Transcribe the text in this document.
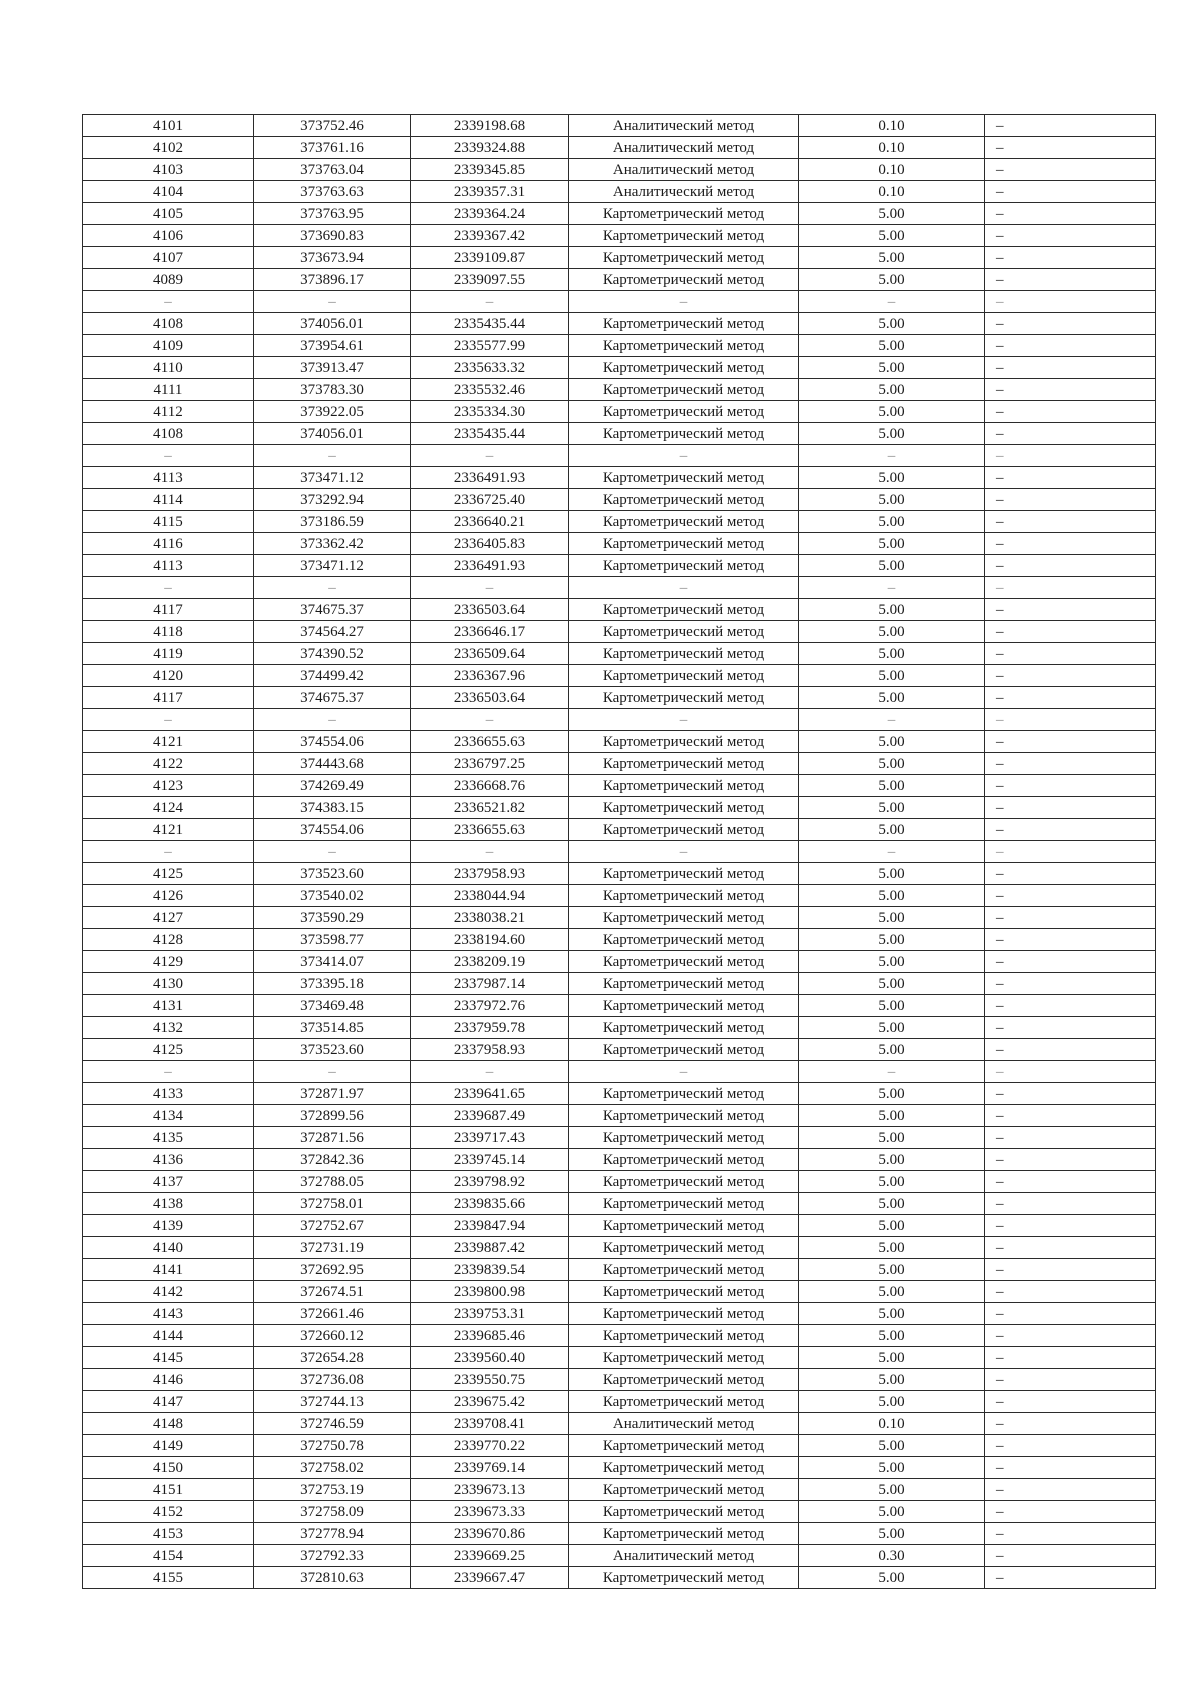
4101	373752.46	2339198.68	Аналитический метод	0.10	–
4102	373761.16	2339324.88	Аналитический метод	0.10	–
4103	373763.04	2339345.85	Аналитический метод	0.10	–
4104	373763.63	2339357.31	Аналитический метод	0.10	–
4105	373763.95	2339364.24	Картометрический метод	5.00	–
4106	373690.83	2339367.42	Картометрический метод	5.00	–
4107	373673.94	2339109.87	Картометрический метод	5.00	–
4089	373896.17	2339097.55	Картометрический метод	5.00	–
–	–	–	–	–	–
4108	374056.01	2335435.44	Картометрический метод	5.00	–
4109	373954.61	2335577.99	Картометрический метод	5.00	–
4110	373913.47	2335633.32	Картометрический метод	5.00	–
4111	373783.30	2335532.46	Картометрический метод	5.00	–
4112	373922.05	2335334.30	Картометрический метод	5.00	–
4108	374056.01	2335435.44	Картометрический метод	5.00	–
–	–	–	–	–	–
4113	373471.12	2336491.93	Картометрический метод	5.00	–
4114	373292.94	2336725.40	Картометрический метод	5.00	–
4115	373186.59	2336640.21	Картометрический метод	5.00	–
4116	373362.42	2336405.83	Картометрический метод	5.00	–
4113	373471.12	2336491.93	Картометрический метод	5.00	–
–	–	–	–	–	–
4117	374675.37	2336503.64	Картометрический метод	5.00	–
4118	374564.27	2336646.17	Картометрический метод	5.00	–
4119	374390.52	2336509.64	Картометрический метод	5.00	–
4120	374499.42	2336367.96	Картометрический метод	5.00	–
4117	374675.37	2336503.64	Картометрический метод	5.00	–
–	–	–	–	–	–
4121	374554.06	2336655.63	Картометрический метод	5.00	–
4122	374443.68	2336797.25	Картометрический метод	5.00	–
4123	374269.49	2336668.76	Картометрический метод	5.00	–
4124	374383.15	2336521.82	Картометрический метод	5.00	–
4121	374554.06	2336655.63	Картометрический метод	5.00	–
–	–	–	–	–	–
4125	373523.60	2337958.93	Картометрический метод	5.00	–
4126	373540.02	2338044.94	Картометрический метод	5.00	–
4127	373590.29	2338038.21	Картометрический метод	5.00	–
4128	373598.77	2338194.60	Картометрический метод	5.00	–
4129	373414.07	2338209.19	Картометрический метод	5.00	–
4130	373395.18	2337987.14	Картометрический метод	5.00	–
4131	373469.48	2337972.76	Картометрический метод	5.00	–
4132	373514.85	2337959.78	Картометрический метод	5.00	–
4125	373523.60	2337958.93	Картометрический метод	5.00	–
–	–	–	–	–	–
4133	372871.97	2339641.65	Картометрический метод	5.00	–
4134	372899.56	2339687.49	Картометрический метод	5.00	–
4135	372871.56	2339717.43	Картометрический метод	5.00	–
4136	372842.36	2339745.14	Картометрический метод	5.00	–
4137	372788.05	2339798.92	Картометрический метод	5.00	–
4138	372758.01	2339835.66	Картометрический метод	5.00	–
4139	372752.67	2339847.94	Картометрический метод	5.00	–
4140	372731.19	2339887.42	Картометрический метод	5.00	–
4141	372692.95	2339839.54	Картометрический метод	5.00	–
4142	372674.51	2339800.98	Картометрический метод	5.00	–
4143	372661.46	2339753.31	Картометрический метод	5.00	–
4144	372660.12	2339685.46	Картометрический метод	5.00	–
4145	372654.28	2339560.40	Картометрический метод	5.00	–
4146	372736.08	2339550.75	Картометрический метод	5.00	–
4147	372744.13	2339675.42	Картометрический метод	5.00	–
4148	372746.59	2339708.41	Аналитический метод	0.10	–
4149	372750.78	2339770.22	Картометрический метод	5.00	–
4150	372758.02	2339769.14	Картометрический метод	5.00	–
4151	372753.19	2339673.13	Картометрический метод	5.00	–
4152	372758.09	2339673.33	Картометрический метод	5.00	–
4153	372778.94	2339670.86	Картометрический метод	5.00	–
4154	372792.33	2339669.25	Аналитический метод	0.30	–
4155	372810.63	2339667.47	Картометрический метод	5.00	–
